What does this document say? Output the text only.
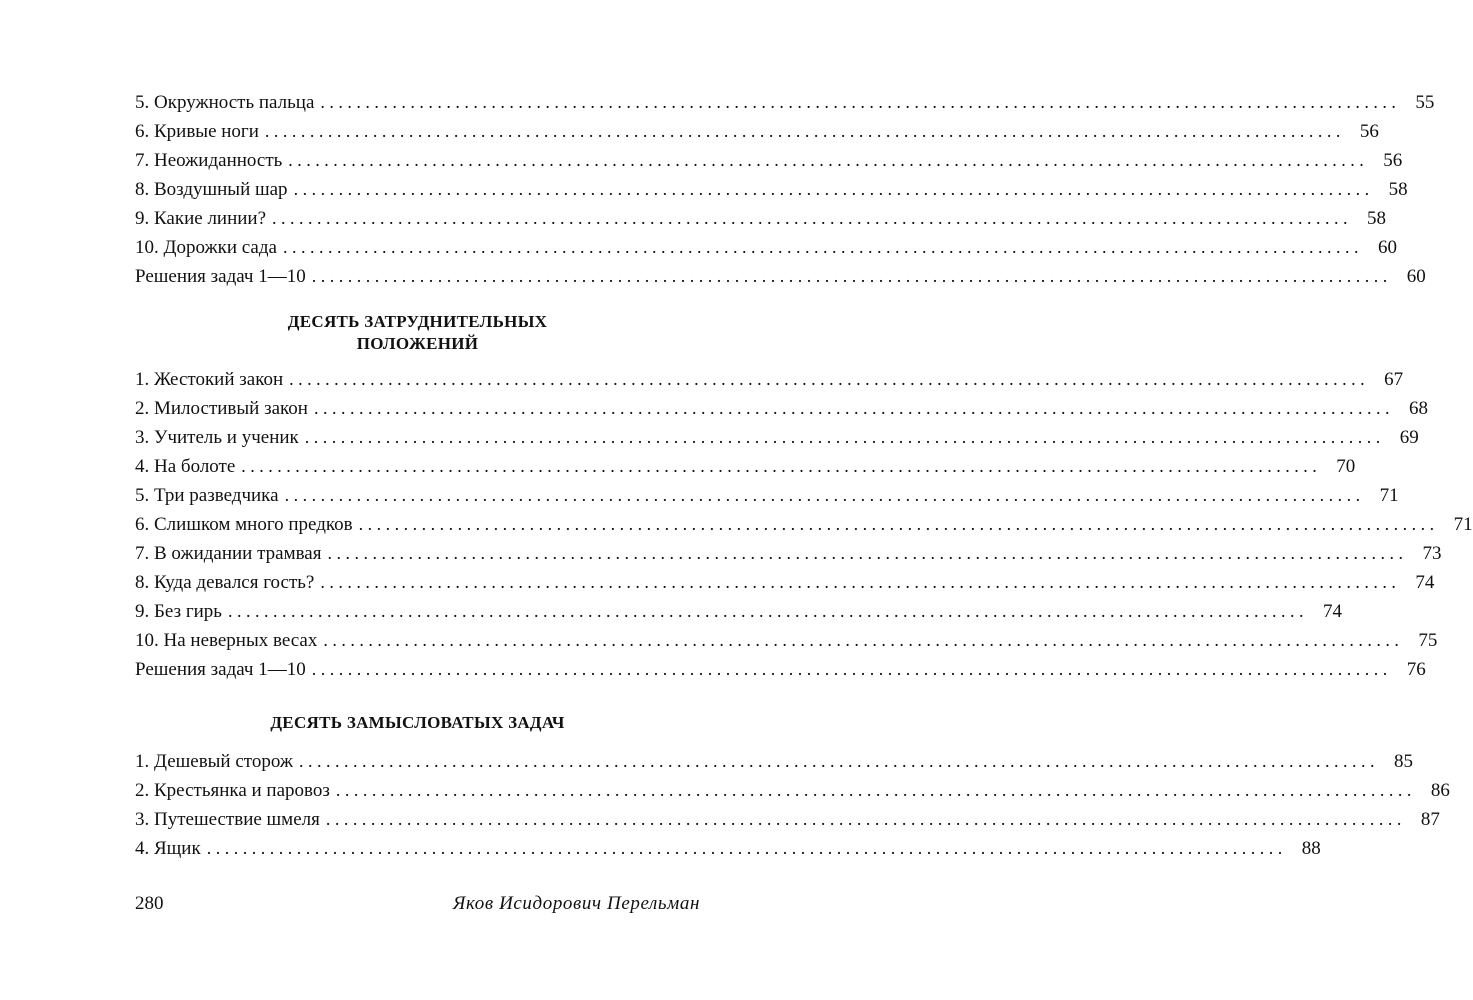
5. Окружность пальца ........................................................................................................................ 55
6. Кривые ноги ........................................................................................................................ 56
7. Неожиданность ........................................................................................................................ 56
8. Воздушный шар ........................................................................................................................ 58
9. Какие линии? ........................................................................................................................ 58
10. Дорожки сада ........................................................................................................................ 60
Решения задач 1—10 ........................................................................................................................ 60
ДЕСЯТЬ ЗАТРУДНИТЕЛЬНЫХ
ПОЛОЖЕНИЙ
1. Жестокий закон ........................................................................................................................ 67
2. Милостивый закон ........................................................................................................................ 68
3. Учитель и ученик ........................................................................................................................ 69
4. На болоте ........................................................................................................................ 70
5. Три разведчика ........................................................................................................................ 71
6. Слишком много предков ........................................................................................................................ 71
7. В ожидании трамвая ........................................................................................................................ 73
8. Куда девался гость? ........................................................................................................................ 74
9. Без гирь ........................................................................................................................ 74
10. На неверных весах ........................................................................................................................ 75
Решения задач 1—10 ........................................................................................................................ 76
ДЕСЯТЬ ЗАМЫСЛОВАТЫХ ЗАДАЧ
1. Дешевый сторож ........................................................................................................................ 85
2. Крестьянка и паровоз ........................................................................................................................ 86
3. Путешествие шмеля ........................................................................................................................ 87
4. Ящик ........................................................................................................................ 88
280	Яков Исидорович Перельман
